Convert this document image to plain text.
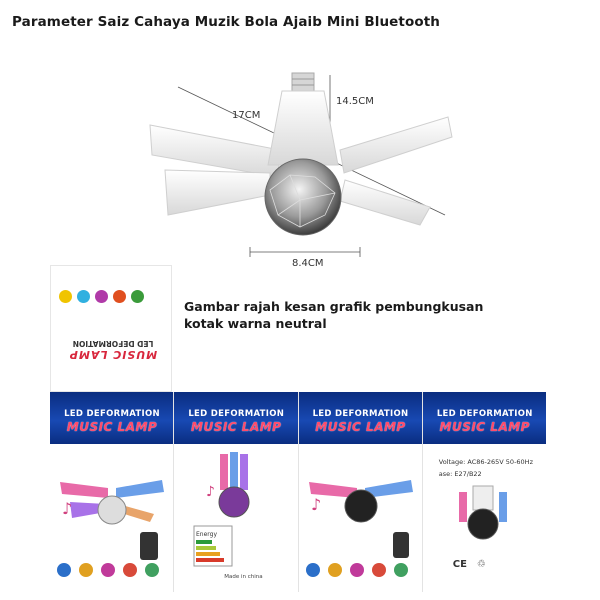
Parameter Saiz Cahaya Muzik Bola Ajaib Mini Bluetooth
17CM
14.5CM
8.4CM
MUSIC LAMP
LED DEFORMATION
Gambar rajah kesan grafik pembungkusan
kotak warna neutral
LED DEFORMATION
MUSIC LAMP
♪
LED DEFORMATION
MUSIC LAMP
♪
Energy
Made in china
LED DEFORMATION
MUSIC LAMP
♪
LED DEFORMATION
MUSIC LAMP
Voltage: AC86-265V 50-60Hz
ase: E27/B22
CE ♲
